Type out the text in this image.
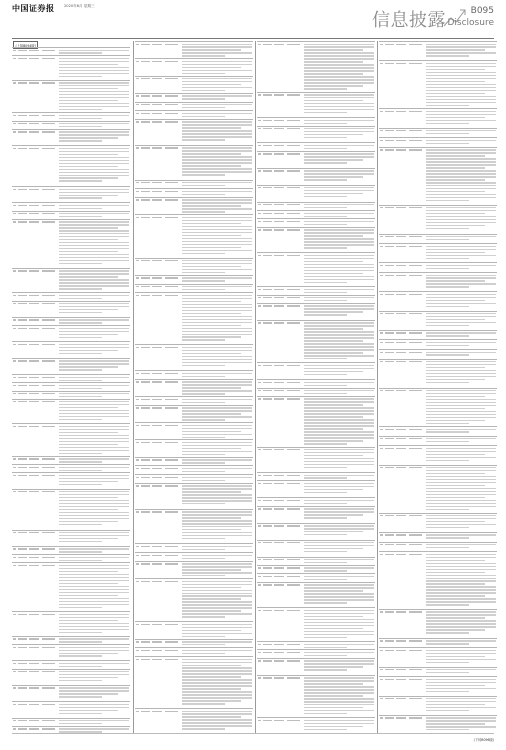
中国证券报	2020年6月 星期三
信息披露	B095
Disclosure
(上接B094版)
(下转B096版)
